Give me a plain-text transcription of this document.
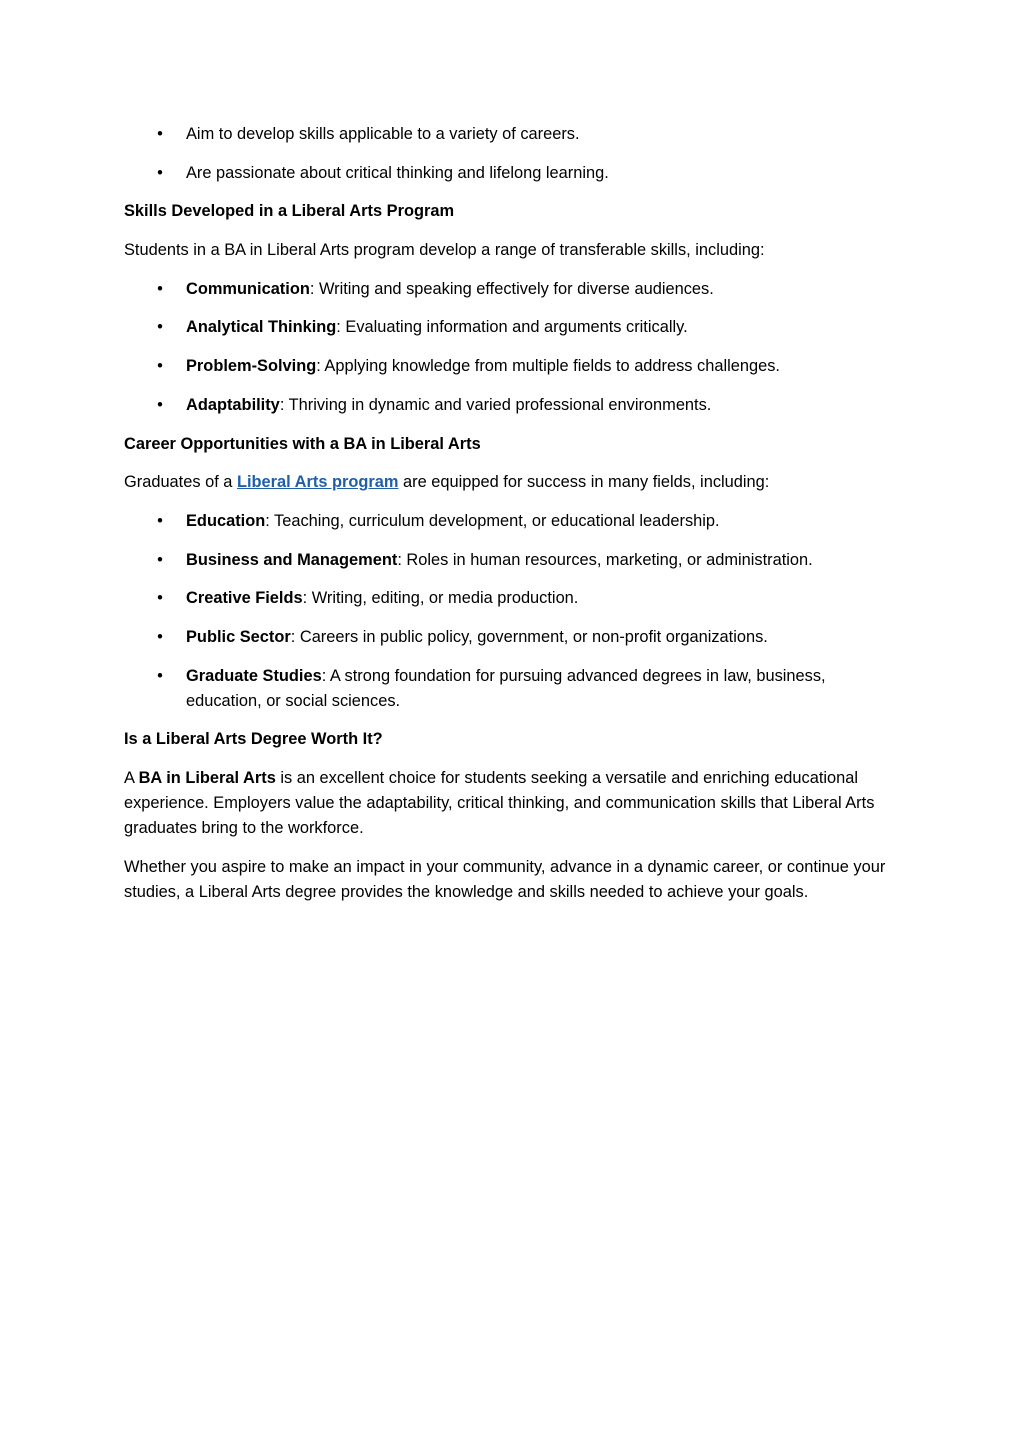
• Aim to develop skills applicable to a variety of careers.
• Are passionate about critical thinking and lifelong learning.
Skills Developed in a Liberal Arts Program

Students in a BA in Liberal Arts program develop a range of transferable skills, including:

• Communication: Writing and speaking effectively for diverse audiences.
• Analytical Thinking: Evaluating information and arguments critically.
• Problem-Solving: Applying knowledge from multiple fields to address challenges.
• Adaptability: Thriving in dynamic and varied professional environments.
Career Opportunities with a BA in Liberal Arts

Graduates of a Liberal Arts program are equipped for success in many fields, including:

• Education: Teaching, curriculum development, or educational leadership.
• Business and Management: Roles in human resources, marketing, or administration.
• Creative Fields: Writing, editing, or media production.
• Public Sector: Careers in public policy, government, or non-profit organizations.
• Graduate Studies: A strong foundation for pursuing advanced degrees in law, business, education, or social sciences.
Is a Liberal Arts Degree Worth It?

A BA in Liberal Arts is an excellent choice for students seeking a versatile and enriching educational experience. Employers value the adaptability, critical thinking, and communication skills that Liberal Arts graduates bring to the workforce.

Whether you aspire to make an impact in your community, advance in a dynamic career, or continue your studies, a Liberal Arts degree provides the knowledge and skills needed to achieve your goals.
